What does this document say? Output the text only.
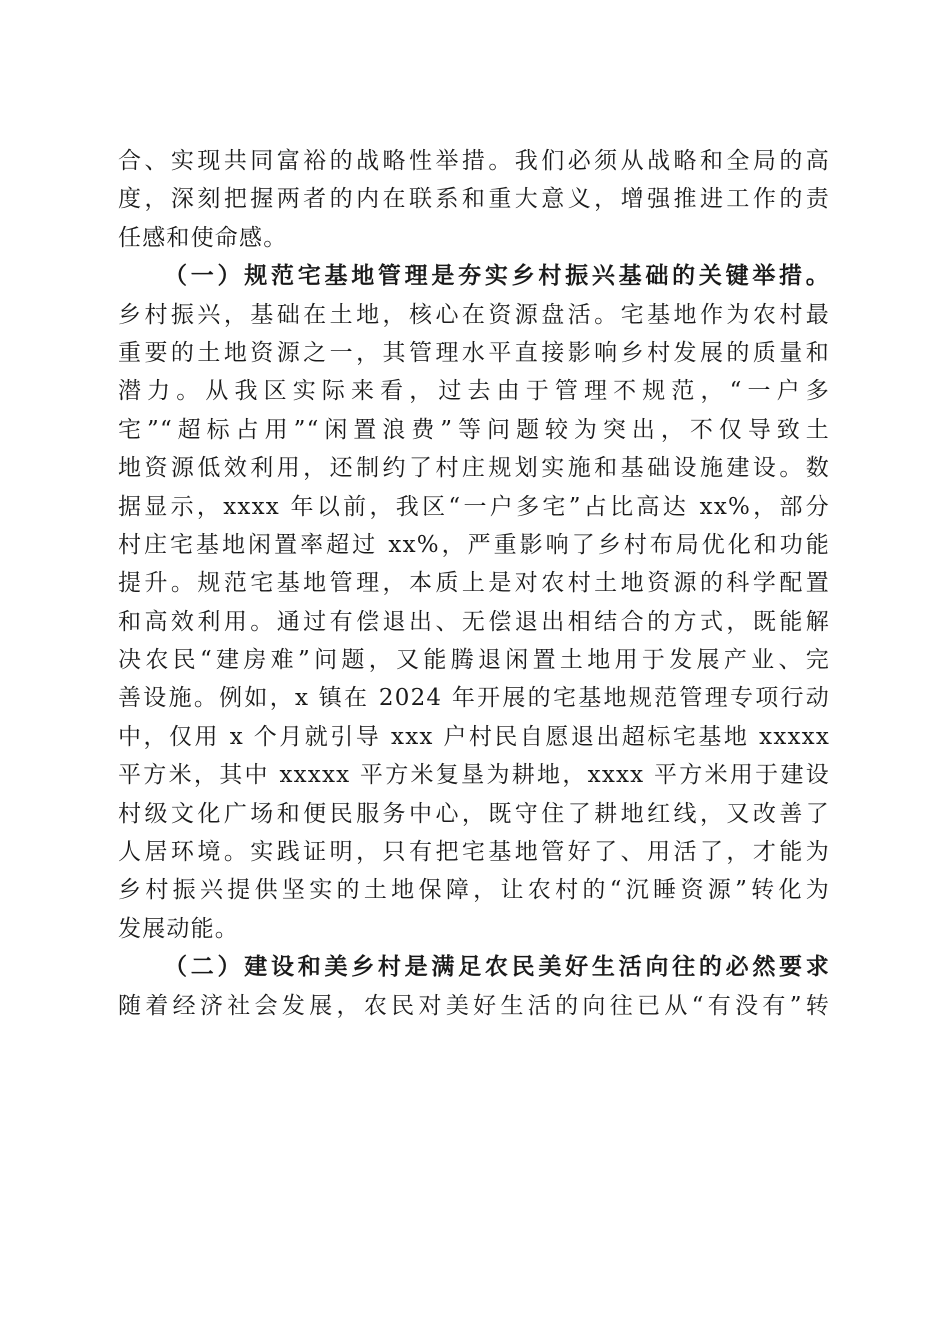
合、实现共同富裕的战略性举措。我们必须从战略和全局的高
度，深刻把握两者的内在联系和重大意义，增强推进工作的责
任感和使命感。
（一）规范宅基地管理是夯实乡村振兴基础的关键举措。
乡村振兴，基础在土地，核心在资源盘活。宅基地作为农村最
重要的土地资源之一，其管理水平直接影响乡村发展的质量和
潜力。从我区实际来看，过去由于管理不规范，“一户多
宅”“超标占用”“闲置浪费”等问题较为突出，不仅导致土
地资源低效利用，还制约了村庄规划实施和基础设施建设。数
据显示，xxxx 年以前，我区“一户多宅”占比高达 xx%，部分
村庄宅基地闲置率超过 xx%，严重影响了乡村布局优化和功能
提升。规范宅基地管理，本质上是对农村土地资源的科学配置
和高效利用。通过有偿退出、无偿退出相结合的方式，既能解
决农民“建房难”问题，又能腾退闲置土地用于发展产业、完
善设施。例如，x 镇在 2024 年开展的宅基地规范管理专项行动
中，仅用 x 个月就引导 xxx 户村民自愿退出超标宅基地 xxxxx
平方米，其中 xxxxx 平方米复垦为耕地，xxxx 平方米用于建设
村级文化广场和便民服务中心，既守住了耕地红线，又改善了
人居环境。实践证明，只有把宅基地管好了、用活了，才能为
乡村振兴提供坚实的土地保障，让农村的“沉睡资源”转化为
发展动能。
（二）建设和美乡村是满足农民美好生活向往的必然要求
随着经济社会发展，农民对美好生活的向往已从“有没有”转
